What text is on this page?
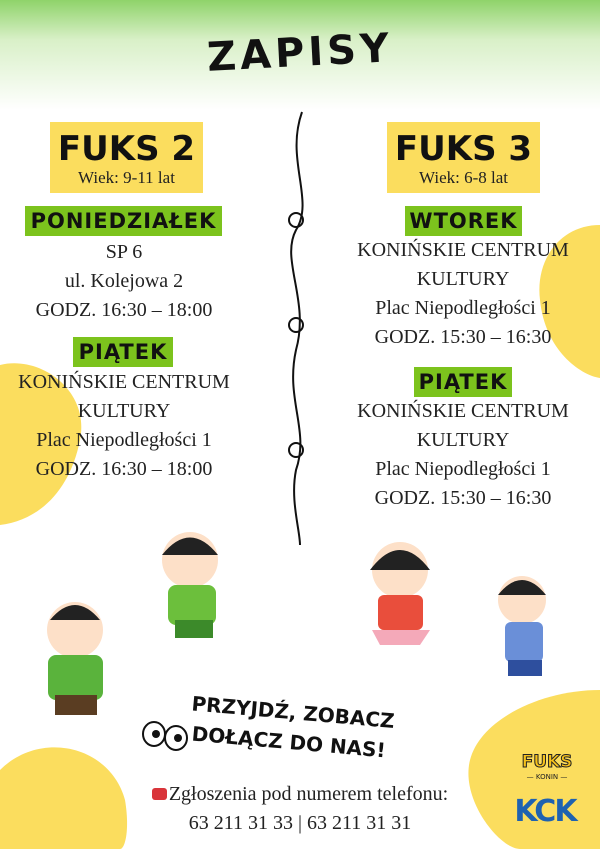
ZAPISY
FUKS 2
Wiek: 9-11 lat
PONIEDZIAŁEK
SP 6
ul. Kolejowa 2
GODZ. 16:30 – 18:00
PIĄTEK
KONIŃSKIE CENTRUM
KULTURY
Plac Niepodległości 1
GODZ. 16:30 – 18:00
FUKS 3
Wiek: 6-8 lat
WTOREK
KONIŃSKIE CENTRUM
KULTURY
Plac Niepodległości 1
GODZ. 15:30 – 16:30
PIĄTEK
KONIŃSKIE CENTRUM
KULTURY
Plac Niepodległości 1
GODZ. 15:30 – 16:30
PRZYJDŹ, ZOBACZ
DOŁĄCZ DO NAS!
Zgłoszenia pod numerem telefonu:
63 211 31 33 | 63 211 31 31
FUKS
— KONIN —
KCK
